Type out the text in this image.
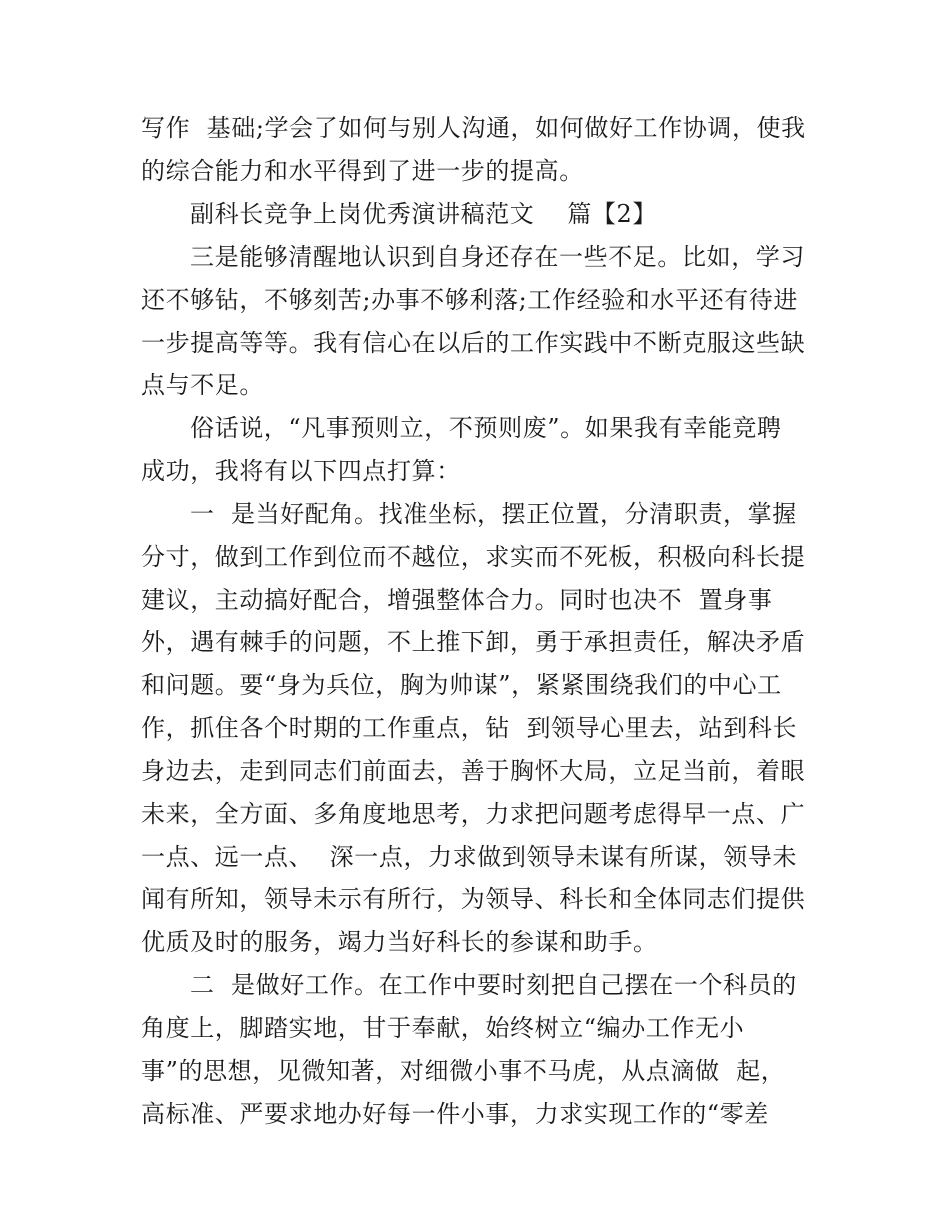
写作  基础;学会了如何与别人沟通，如何做好工作协调，使我
的综合能力和水平得到了进一步的提高。
副科长竞争上岗优秀演讲稿范文    篇【2】
三是能够清醒地认识到自身还存在一些不足。比如，学习
还不够钻，不够刻苦;办事不够利落;工作经验和水平还有待进
一步提高等等。我有信心在以后的工作实践中不断克服这些缺
点与不足。
俗话说，“凡事预则立，不预则废”。如果我有幸能竞聘
成功，我将有以下四点打算：
一  是当好配角。找准坐标，摆正位置，分清职责，掌握
分寸，做到工作到位而不越位，求实而不死板，积极向科长提
建议，主动搞好配合，增强整体合力。同时也决不  置身事
外，遇有棘手的问题，不上推下卸，勇于承担责任，解决矛盾
和问题。要“身为兵位，胸为帅谋”，紧紧围绕我们的中心工
作，抓住各个时期的工作重点，钻  到领导心里去，站到科长
身边去，走到同志们前面去，善于胸怀大局，立足当前，着眼
未来，全方面、多角度地思考，力求把问题考虑得早一点、广
一点、远一点、  深一点，力求做到领导未谋有所谋，领导未
闻有所知，领导未示有所行，为领导、科长和全体同志们提供
优质及时的服务，竭力当好科长的参谋和助手。
二  是做好工作。在工作中要时刻把自己摆在一个科员的
角度上，脚踏实地，甘于奉献，始终树立“编办工作无小
事”的思想，见微知著，对细微小事不马虎，从点滴做  起，
高标准、严要求地办好每一件小事，力求实现工作的“零差
